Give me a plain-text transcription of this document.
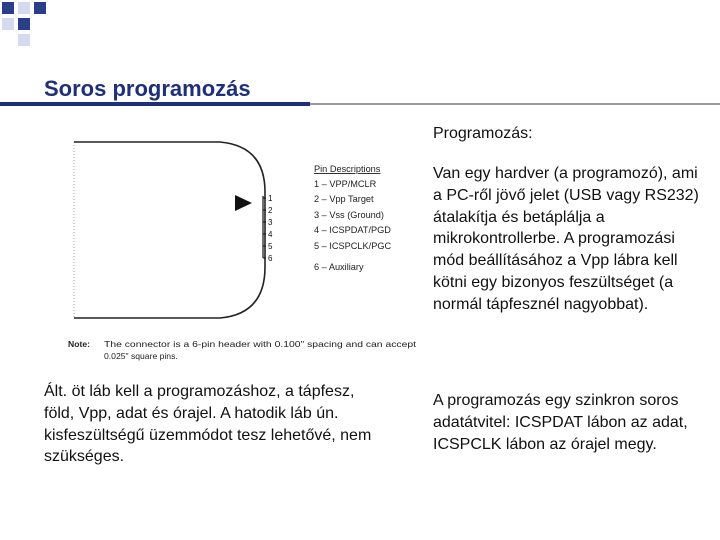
Soros programozás
1
2
3
4
5
6
Pin Descriptions
1 – VPP/MCLR
2 – Vpp Target
3 – Vss (Ground)
4 – ICSPDAT/PGD
5 – ICSPCLK/PGC
6 – Auxiliary
Note: The connector is a 6-pin header with 0.100" spacing and can accept
0.025" square pins.
Programozás:
Van egy hardver (a programozó), ami a PC-ről jövő jelet (USB vagy RS232) átalakítja és betáplálja a mikrokontrollerbe. A programozási mód beállításához a Vpp lábra kell kötni egy bizonyos feszültséget (a normál tápfesznél nagyobbat).
A programozás egy szinkron soros adatátvitel: ICSPDAT lábon az adat, ICSPCLK lábon az órajel megy.
Ált. öt láb kell a programozáshoz, a tápfesz, föld, Vpp, adat és órajel. A hatodik láb ún. kisfeszültségű üzemmódot tesz lehetővé, nem szükséges.
